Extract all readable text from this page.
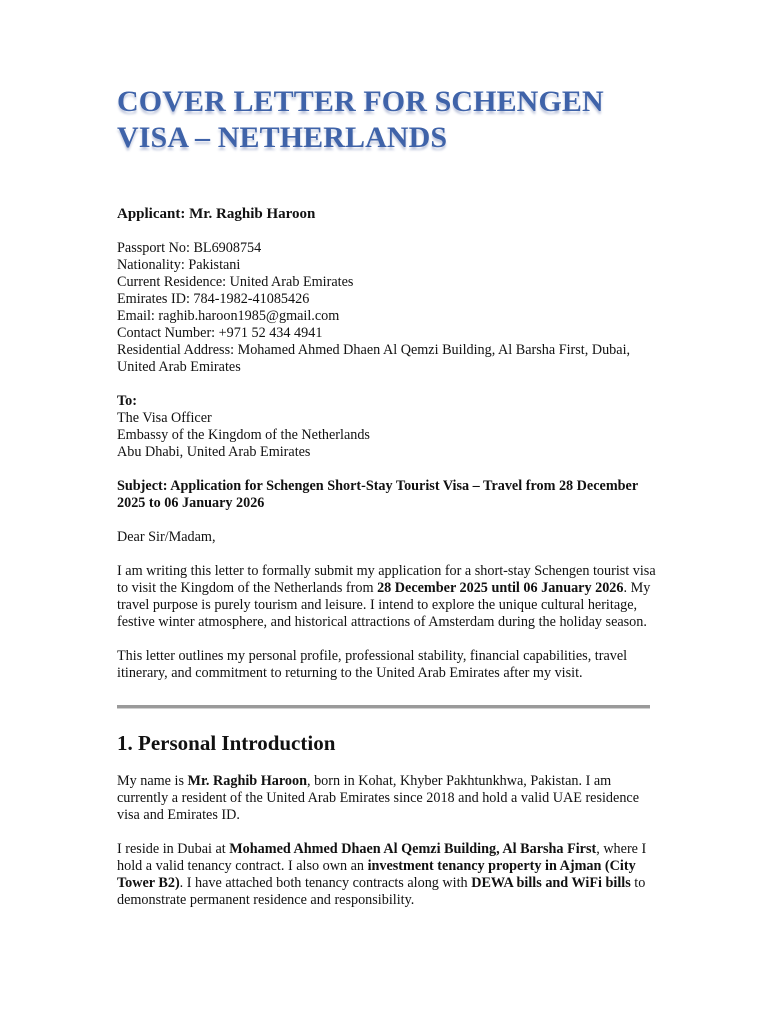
COVER LETTER FOR SCHENGEN VISA – NETHERLANDS
Applicant: Mr. Raghib Haroon
Passport No: BL6908754
Nationality: Pakistani
Current Residence: United Arab Emirates
Emirates ID: 784-1982-41085426
Email: raghib.haroon1985@gmail.com
Contact Number: +971 52 434 4941
Residential Address: Mohamed Ahmed Dhaen Al Qemzi Building, Al Barsha First, Dubai,
United Arab Emirates
To:
The Visa Officer
Embassy of the Kingdom of the Netherlands
Abu Dhabi, United Arab Emirates

Subject: Application for Schengen Short-Stay Tourist Visa – Travel from 28 December 2025 to 06 January 2026

Dear Sir/Madam,

I am writing this letter to formally submit my application for a short-stay Schengen tourist visa to visit the Kingdom of the Netherlands from 28 December 2025 until 06 January 2026. My travel purpose is purely tourism and leisure. I intend to explore the unique cultural heritage, festive winter atmosphere, and historical attractions of Amsterdam during the holiday season.

This letter outlines my personal profile, professional stability, financial capabilities, travel itinerary, and commitment to returning to the United Arab Emirates after my visit.

1. Personal Introduction

My name is Mr. Raghib Haroon, born in Kohat, Khyber Pakhtunkhwa, Pakistan. I am currently a resident of the United Arab Emirates since 2018 and hold a valid UAE residence visa and Emirates ID.

I reside in Dubai at Mohamed Ahmed Dhaen Al Qemzi Building, Al Barsha First, where I hold a valid tenancy contract. I also own an investment tenancy property in Ajman (City Tower B2). I have attached both tenancy contracts along with DEWA bills and WiFi bills to demonstrate permanent residence and responsibility.
